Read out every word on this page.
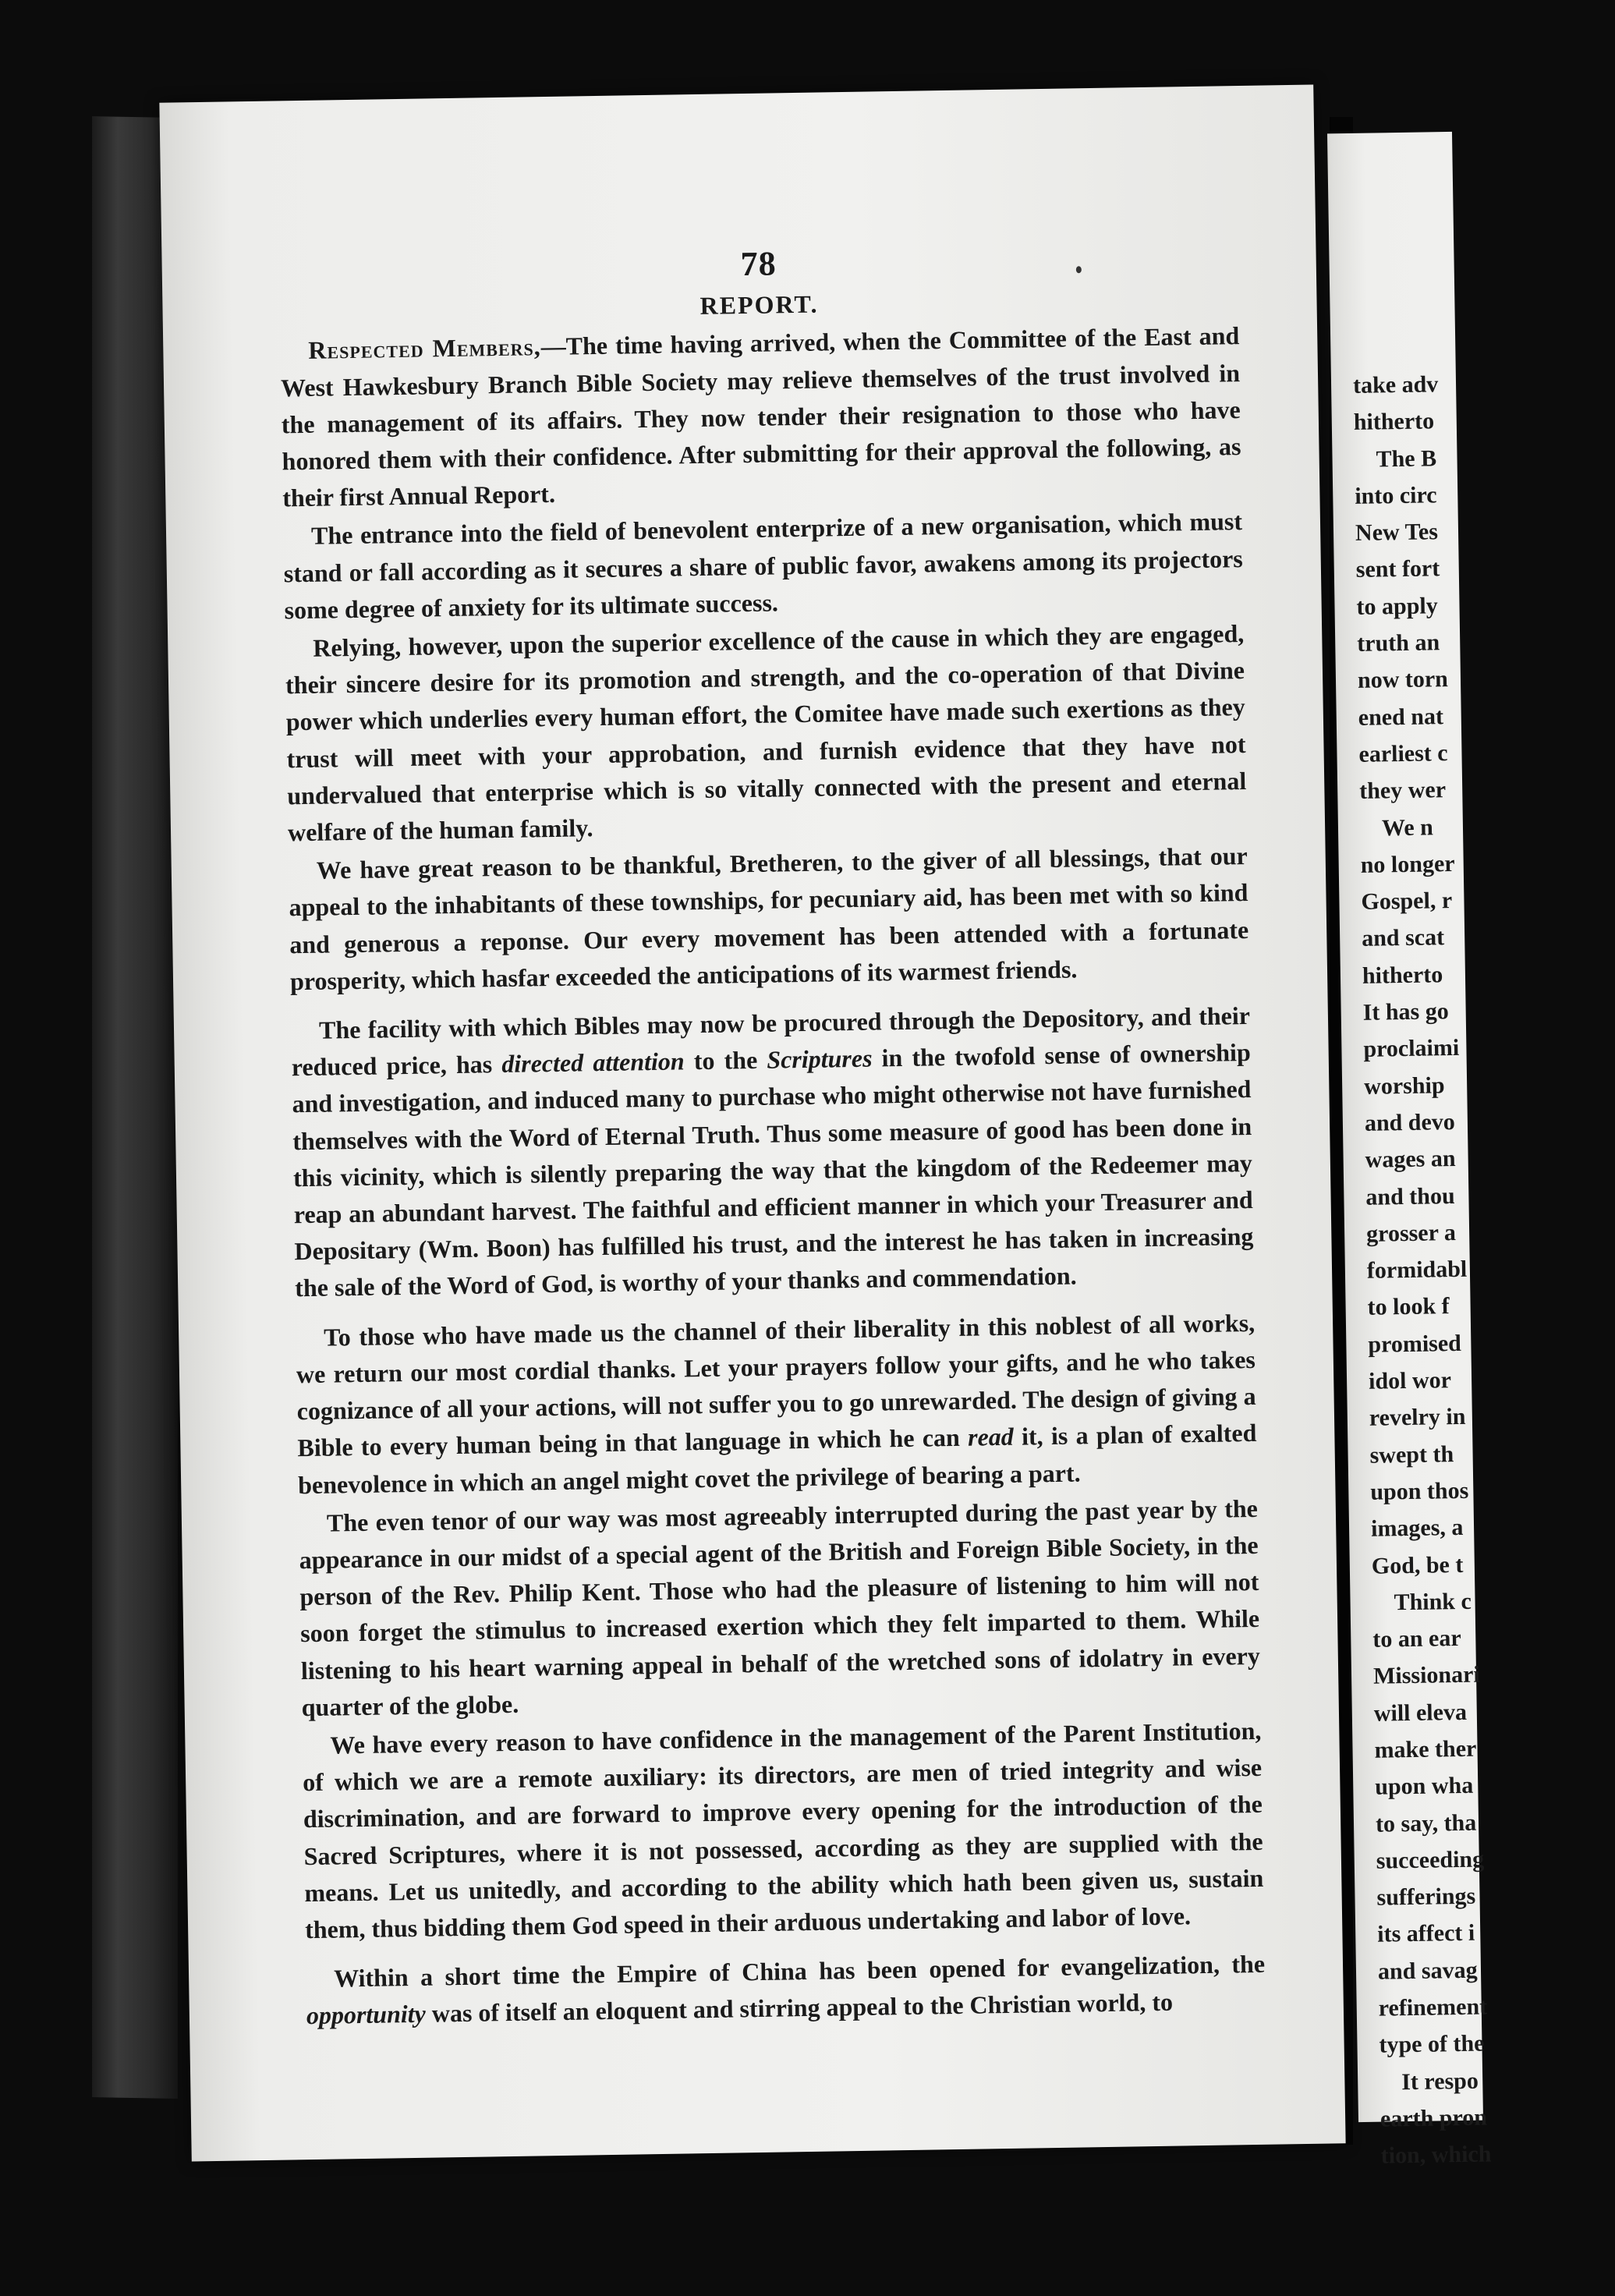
take adv
hitherto
The B
into circ
New Tes
sent fort
to apply
truth an
now torn
ened nat
earliest c
they wer
We n
no longer
Gospel, r
and scat
hitherto
It has go
proclaimi
worship
and devo
wages an
and thou
grosser a
formidabl
to look f
promised
idol wor
revelry in
swept th
upon thos
images, a
God, be t
Think c
to an ear
Missionari
will eleva
make ther
upon wha
to say, tha
succeeding
sufferings
its affect i
and savag
refinement
type of the
It respo
earth pron
tion, which
78
REPORT.

Respected Members,—The time having arrived, when the Committee of the East and West Hawkesbury Branch Bible Society may relieve themselves of the trust involved in the management of its affairs. They now tender their resignation to those who have honored them with their confidence. After submitting for their approval the following, as their first Annual Report.

The entrance into the field of benevolent enterprize of a new organisation, which must stand or fall according as it secures a share of public favor, awakens among its projectors some degree of anxiety for its ultimate success.

Relying, however, upon the superior excellence of the cause in which they are engaged, their sincere desire for its promotion and strength, and the co-operation of that Divine power which underlies every human effort, the Comitee have made such exertions as they trust will meet with your approbation, and furnish evidence that they have not undervalued that enterprise which is so vitally connected with the present and eternal welfare of the human family.

We have great reason to be thankful, Bretheren, to the giver of all blessings, that our appeal to the inhabitants of these townships, for pecuniary aid, has been met with so kind and generous a reponse. Our every movement has been attended with a fortunate prosperity, which hasfar exceeded the anticipations of its warmest friends.

The facility with which Bibles may now be procured through the Depository, and their reduced price, has directed attention to the Scriptures in the twofold sense of ownership and investigation, and induced many to purchase who might otherwise not have furnished themselves with the Word of Eternal Truth. Thus some measure of good has been done in this vicinity, which is silently preparing the way that the kingdom of the Redeemer may reap an abundant harvest. The faithful and efficient manner in which your Treasurer and Depositary (Wm. Boon) has fulfilled his trust, and the interest he has taken in increasing the sale of the Word of God, is worthy of your thanks and commendation.

To those who have made us the channel of their liberality in this noblest of all works, we return our most cordial thanks. Let your prayers follow your gifts, and he who takes cognizance of all your actions, will not suffer you to go unrewarded. The design of giving a Bible to every human being in that language in which he can read it, is a plan of exalted benevolence in which an angel might covet the privilege of bearing a part.

The even tenor of our way was most agreeably interrupted during the past year by the appearance in our midst of a special agent of the British and Foreign Bible Society, in the person of the Rev. Philip Kent. Those who had the pleasure of listening to him will not soon forget the stimulus to increased exertion which they felt imparted to them. While listening to his heart warning appeal in behalf of the wretched sons of idolatry in every quarter of the globe.

We have every reason to have confidence in the management of the Parent Institution, of which we are a remote auxiliary: its directors, are men of tried integrity and wise discrimination, and are forward to improve every opening for the introduction of the Sacred Scriptures, where it is not possessed, according as they are supplied with the means. Let us unitedly, and according to the ability which hath been given us, sustain them, thus bidding them God speed in their arduous undertaking and labor of love.

Within a short time the Empire of China has been opened for evangelization, the opportunity was of itself an eloquent and stirring appeal to the Christian world, to
